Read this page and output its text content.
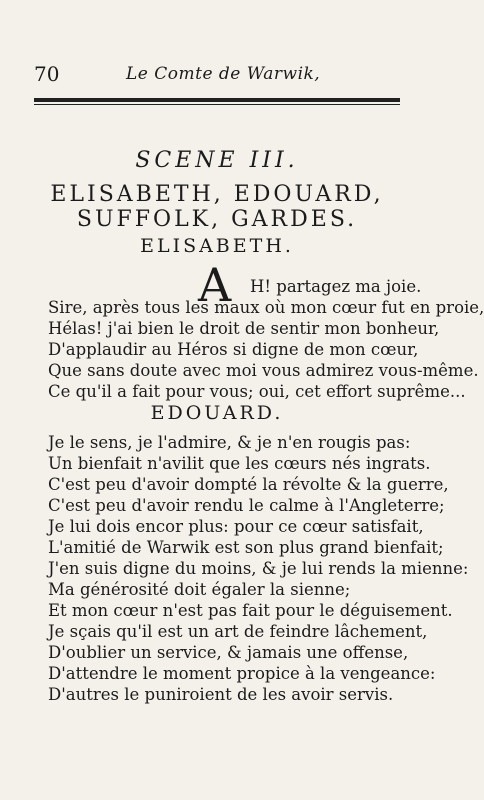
70	Le Comte de Warwik,
SCENE III.
ELISABETH, EDOUARD,
SUFFOLK, GARDES.
ELISABETH.
A H! partagez ma joie.
Sire, après tous les maux où mon cœur fut en proie,
Hélas! j'ai bien le droit de sentir mon bonheur,
D'applaudir au Héros si digne de mon cœur,
Que sans doute avec moi vous admirez vous-même.
Ce qu'il a fait pour vous; oui, cet effort suprême...
EDOUARD.
Je le sens, je l'admire, & je n'en rougis pas:
Un bienfait n'avilit que les cœurs nés ingrats.
C'est peu d'avoir dompté la révolte & la guerre,
C'est peu d'avoir rendu le calme à l'Angleterre;
Je lui dois encor plus: pour ce cœur satisfait,
L'amitié de Warwik est son plus grand bienfait;
J'en suis digne du moins, & je lui rends la mienne:
Ma générosité doit égaler la sienne;
Et mon cœur n'est pas fait pour le déguisement.
Je sçais qu'il est un art de feindre lâchement,
D'oublier un service, & jamais une offense,
D'attendre le moment propice à la vengeance:
D'autres le puniroient de les avoir servis.
